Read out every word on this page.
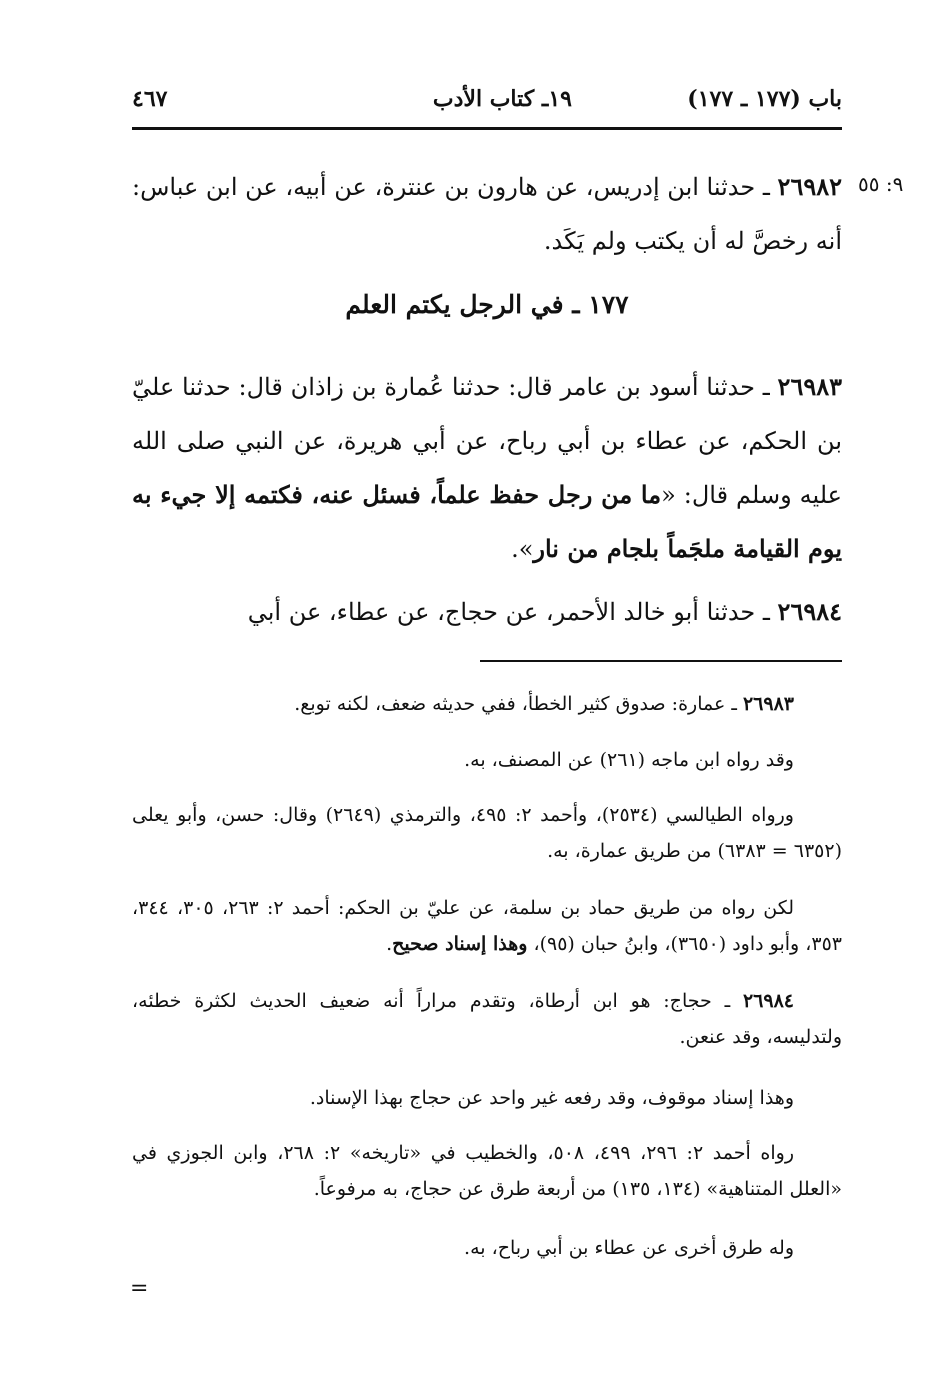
باب (١٧٧ ـ ١٧٧)
١٩ـ كتاب الأدب
٤٦٧
٩: ٥٥
٢٦٩٨٢ ـ حدثنا ابن إدريس، عن هارون بن عنترة، عن أبيه، عن ابن عباس: أنه رخصَّ له أن يكتب ولم يَكَد.
١٧٧ ـ في الرجل يكتم العلم
٢٦٩٨٣ ـ حدثنا أسود بن عامر قال: حدثنا عُمارة بن زاذان قال: حدثنا عليّ بن الحكم، عن عطاء بن أبي رباح، عن أبي هريرة، عن النبي صلى الله عليه وسلم قال: «ما من رجل حفظ علماً، فسئل عنه، فكتمه إلا جيء به يوم القيامة ملجَماً بلجام من نار».
٢٦٩٨٤ ـ حدثنا أبو خالد الأحمر، عن حجاج، عن عطاء، عن أبي
٢٦٩٨٣ ـ عمارة: صدوق كثير الخطأ، ففي حديثه ضعف، لكنه توبع.
وقد رواه ابن ماجه (٢٦١) عن المصنف، به.
ورواه الطيالسي (٢٥٣٤)، وأحمد ٢: ٤٩٥، والترمذي (٢٦٤٩) وقال: حسن، وأبو يعلى (٦٣٥٢ = ٦٣٨٣) من طريق عمارة، به.
لكن رواه من طريق حماد بن سلمة، عن عليّ بن الحكم: أحمد ٢: ٢٦٣، ٣٠٥، ٣٤٤، ٣٥٣، وأبو داود (٣٦٥٠)، وابنُ حبان (٩٥)، وهذا إسناد صحيح.
٢٦٩٨٤ ـ حجاج: هو ابن أرطاة، وتقدم مراراً أنه ضعيف الحديث لكثرة خطئه، ولتدليسه، وقد عنعن.
وهذا إسناد موقوف، وقد رفعه غير واحد عن حجاج بهذا الإسناد.
رواه أحمد ٢: ٢٩٦، ٤٩٩، ٥٠٨، والخطيب في «تاريخه» ٢: ٢٦٨، وابن الجوزي في «العلل المتناهية» (١٣٤، ١٣٥) من أربعة طرق عن حجاج، به مرفوعاً.
وله طرق أخرى عن عطاء بن أبي رباح، به.
=
